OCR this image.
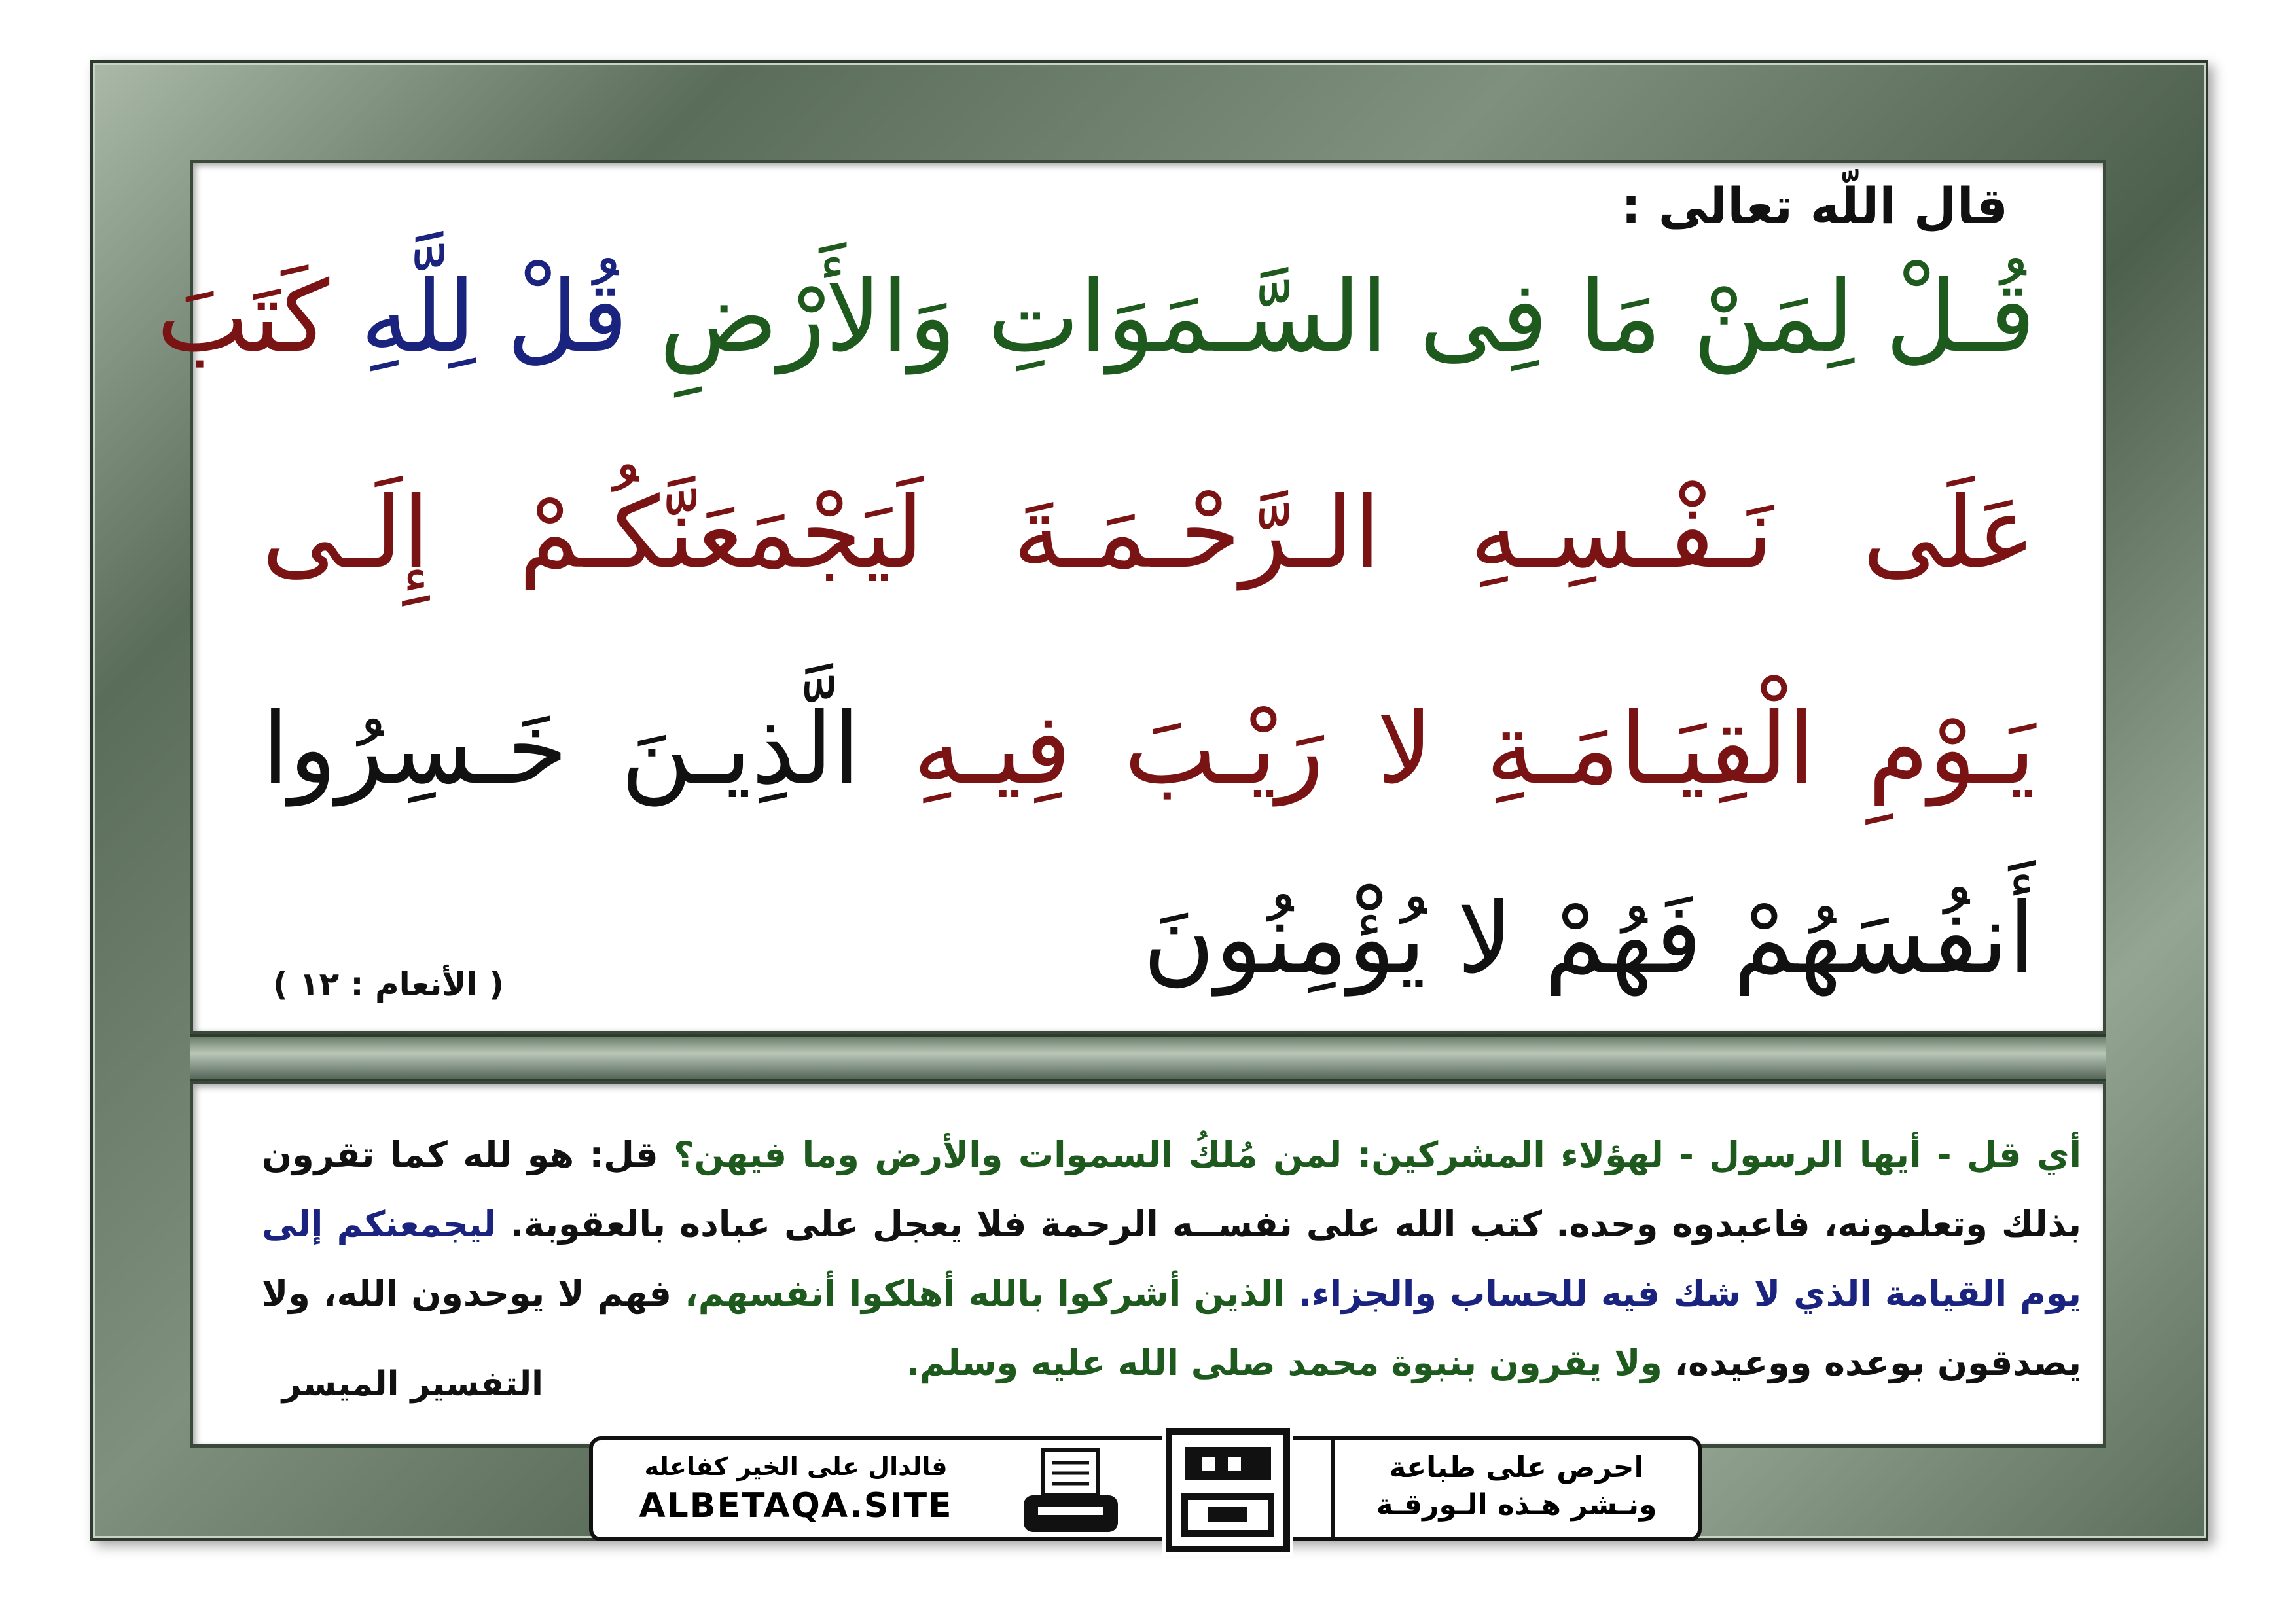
قال اللّه تعالى :
قُـلْ لِمَنْ مَا فِى السَّـمَوَاتِ وَالأَرْضِ قُلْ لِلَّهِ كَتَبَ
عَلَى نَـفْـسِـهِ الـرَّحْـمَـةَ لَيَجْمَعَنَّكُـمْ إِلَـى
يَـوْمِ الْقِيَـامَـةِ لا رَيْـبَ فِيـهِ الَّذِيـنَ خَـسِرُوا
أَنفُسَهُمْ فَهُمْ لا يُؤْمِنُونَ
( الأنعام : ١٢ )
أي قل - أيها الرسول - لهؤلاء المشركين: لمن مُلكُ السموات والأرض وما فيهن؟ قل: هو لله كما تقرون بذلك وتعلمونه، فاعبدوه وحده. كتب الله على نفســه الرحمة فلا يعجل على عباده بالعقوبة. ليجمعنكم إلى يوم القيامة الذي لا شك فيه للحساب والجزاء. الذين أشركوا بالله أهلكوا أنفسهم، فهم لا يوحدون الله، ولا يصدقون بوعده ووعيده، ولا يقرون بنبوة محمد صلى الله عليه وسلم.
التفسير الميسر
فالدال على الخير كفاعله
ALBETAQA.SITE
احرص على طباعة
ونـشر هـذه الـورقـة
